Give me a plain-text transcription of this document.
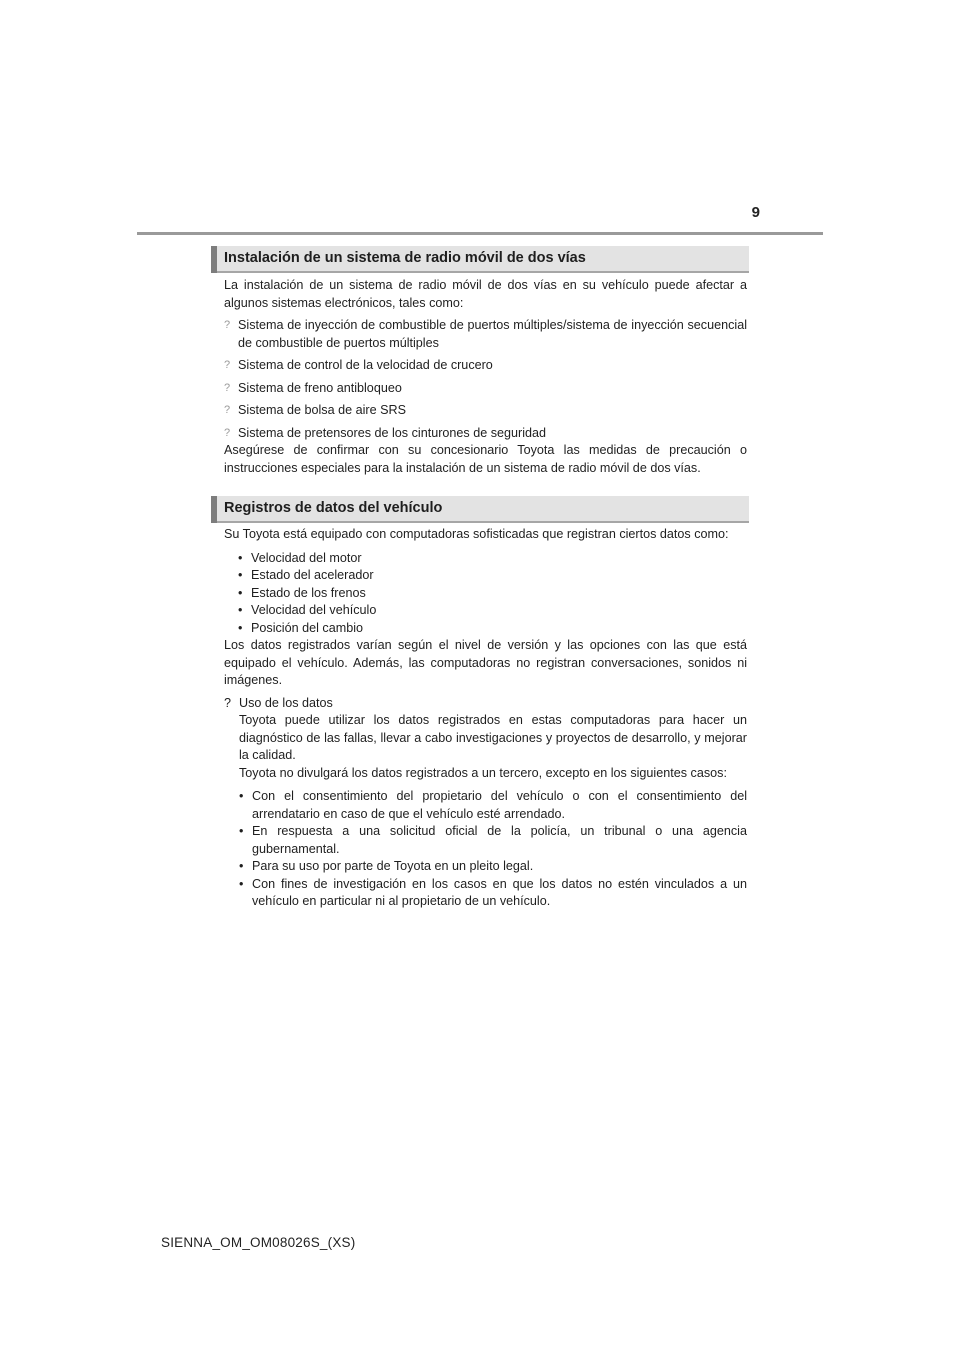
9
Instalación de un sistema de radio móvil de dos vías

La instalación de un sistema de radio móvil de dos vías en su vehículo puede afectar a algunos sistemas electrónicos, tales como:

? Sistema de inyección de combustible de puertos múltiples/sistema de inyección secuencial de combustible de puertos múltiples
? Sistema de control de la velocidad de crucero
? Sistema de freno antibloqueo
? Sistema de bolsa de aire SRS
? Sistema de pretensores de los cinturones de seguridad

Asegúrese de confirmar con su concesionario Toyota las medidas de precaución o instrucciones especiales para la instalación de un sistema de radio móvil de dos vías.

Registros de datos del vehículo

Su Toyota está equipado con computadoras sofisticadas que registran ciertos datos como:

• Velocidad del motor
• Estado del acelerador
• Estado de los frenos
• Velocidad del vehículo
• Posición del cambio

Los datos registrados varían según el nivel de versión y las opciones con las que está equipado el vehículo. Además, las computadoras no registran conversaciones, sonidos ni imágenes.

? Uso de los datos

Toyota puede utilizar los datos registrados en estas computadoras para hacer un diagnóstico de las fallas, llevar a cabo investigaciones y proyectos de desarrollo, y mejorar la calidad.

Toyota no divulgará los datos registrados a un tercero, excepto en los siguientes casos:

• Con el consentimiento del propietario del vehículo o con el consentimiento del arrendatario en caso de que el vehículo esté arrendado.
• En respuesta a una solicitud oficial de la policía, un tribunal o una agencia gubernamental.
• Para su uso por parte de Toyota en un pleito legal.
• Con fines de investigación en los casos en que los datos no estén vinculados a un vehículo en particular ni al propietario de un vehículo.
SIENNA_OM_OM08026S_(XS)
